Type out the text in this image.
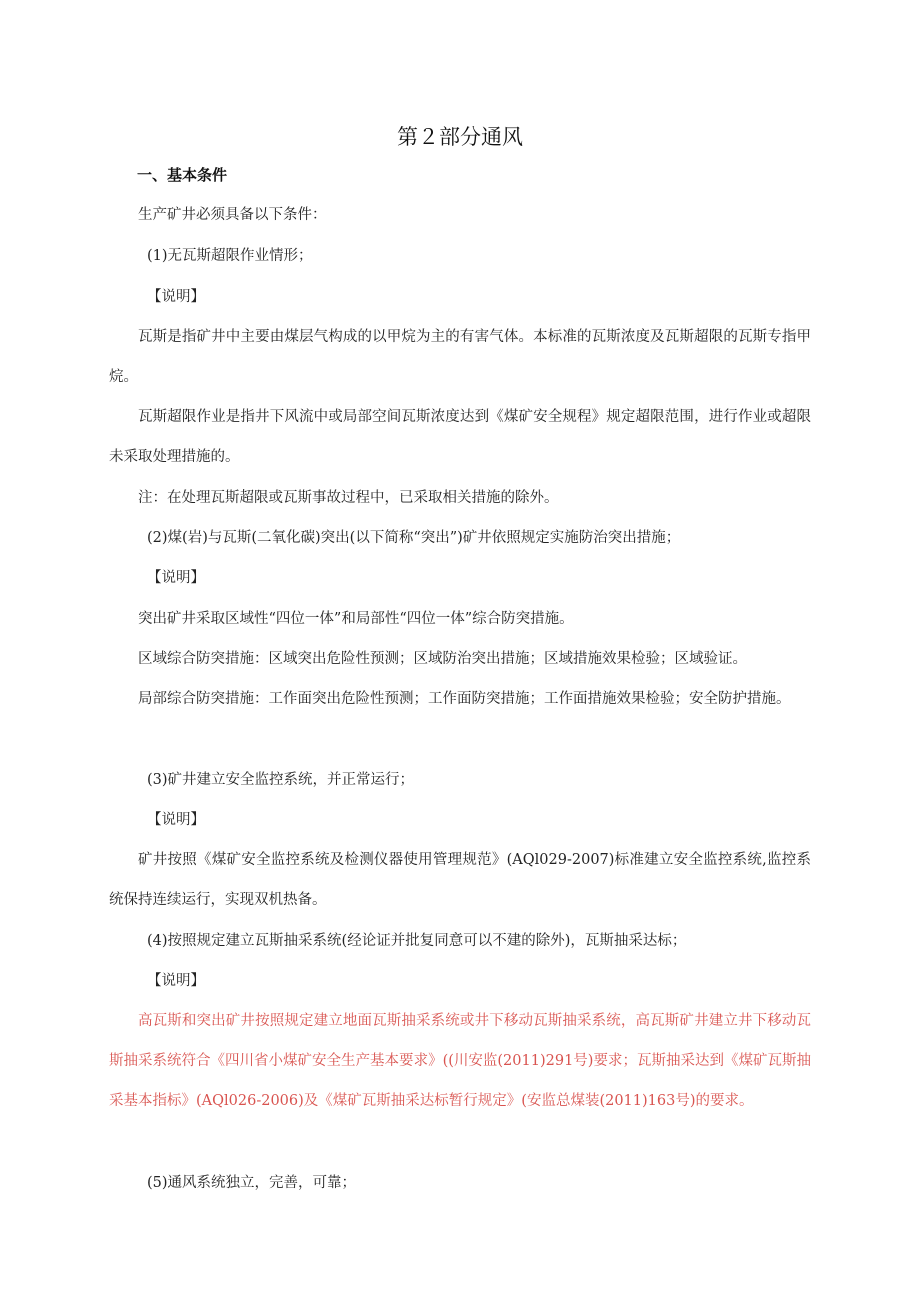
第２部分通风
一、基本条件

生产矿井必须具备以下条件：

(1)无瓦斯超限作业情形；

【说明】

瓦斯是指矿井中主要由煤层气构成的以甲烷为主的有害气体。本标准的瓦斯浓度及瓦斯超限的瓦斯专指甲烷。

瓦斯超限作业是指井下风流中或局部空间瓦斯浓度达到《煤矿安全规程》规定超限范围，进行作业或超限未采取处理措施的。

注：在处理瓦斯超限或瓦斯事故过程中，已采取相关措施的除外。

(2)煤(岩)与瓦斯(二氧化碳)突出(以下简称“突出”)矿井依照规定实施防治突出措施；

【说明】

突出矿井采取区域性“四位一体”和局部性“四位一体”综合防突措施。

区域综合防突措施：区域突出危险性预测；区域防治突出措施；区域措施效果检验；区域验证。

局部综合防突措施：工作面突出危险性预测；工作面防突措施；工作面措施效果检验；安全防护措施。

(3)矿井建立安全监控系统，并正常运行；

【说明】

矿井按照《煤矿安全监控系统及检测仪器使用管理规范》(AQl029-2007)标准建立安全监控系统,监控系统保持连续运行，实现双机热备。

(4)按照规定建立瓦斯抽采系统(经论证并批复同意可以不建的除外)，瓦斯抽采达标；

【说明】

高瓦斯和突出矿井按照规定建立地面瓦斯抽采系统或井下移动瓦斯抽采系统，高瓦斯矿井建立井下移动瓦斯抽采系统符合《四川省小煤矿安全生产基本要求》((川安监(2011)291号)要求；瓦斯抽采达到《煤矿瓦斯抽采基本指标》(AQl026-2006)及《煤矿瓦斯抽采达标暂行规定》(安监总煤装(2011)163号)的要求。

(5)通风系统独立，完善，可靠；
